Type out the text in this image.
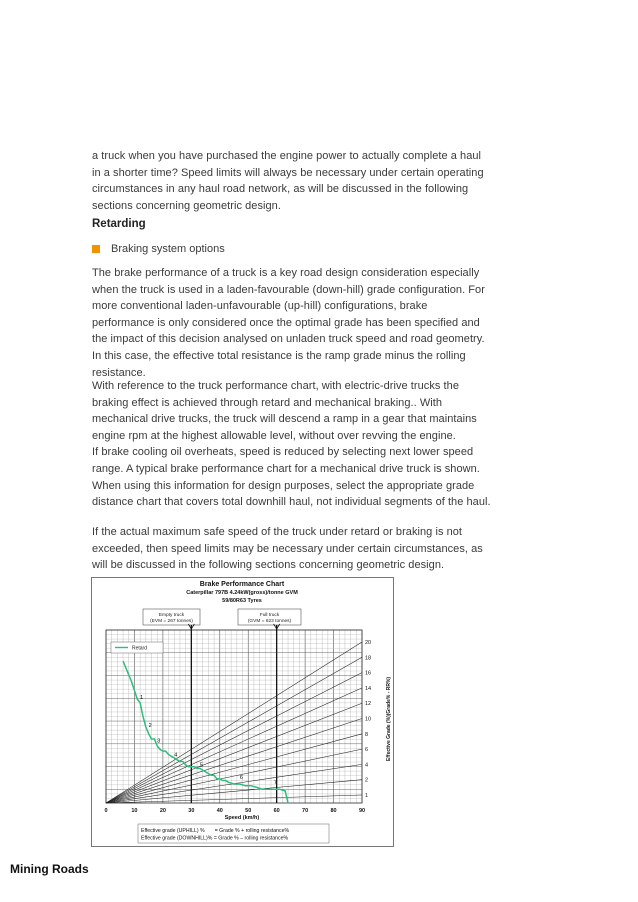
a truck when you have purchased the engine power to actually complete a haul in a shorter time? Speed limits will always be necessary under certain operating circumstances in any haul road network, as will be discussed in the following sections concerning geometric design.

Retarding
Braking system options

The brake performance of a truck is a key road design consideration especially when the truck is used in a laden-favourable (down-hill) grade configuration. For more conventional laden-unfavourable (up-hill) configurations, brake performance is only considered once the optimal grade has been specified and the impact of this decision analysed on unladen truck speed and road geometry. In this case, the effective total resistance is the ramp grade minus the rolling resistance.

With reference to the truck performance chart, with electric-drive trucks the braking effect is achieved through retard and mechanical braking.. With mechanical drive trucks, the truck will descend a ramp in a gear that maintains engine rpm at the highest allowable level, without over revving the engine.

If brake cooling oil overheats, speed is reduced by selecting next lower speed range. A typical brake performance chart for a mechanical drive truck is shown. When using this information for design purposes, select the appropriate grade distance chart that covers total downhill haul, not individual segments of the haul.

If the actual maximum safe speed of the truck under retard or braking is not exceeded, then speed limits may be necessary under certain circumstances, as will be discussed in the following sections concerning geometric design.

Brake Performance Chart
Caterpillar 797B 4.24kW(gross)/tonne GVM
59/80R63 Tyres
Empty truck
(EVM = 267 tonnes)
Full truck
(GVM = 623 tonnes)
20
18
16
14
12
10
8
6
4
2
1
1
2
3
4
5
6
7
0	10	20	30	40	50	60	70	80	90
Retard
Speed (km/h)
Effective Grade (%)(Grade% - RR%)
Effective grade (UPHILL) %       = Grade % + rolling resistance%
Effective grade (DOWNHILL)% = Grade % – rolling resistance%
Mining Roads
